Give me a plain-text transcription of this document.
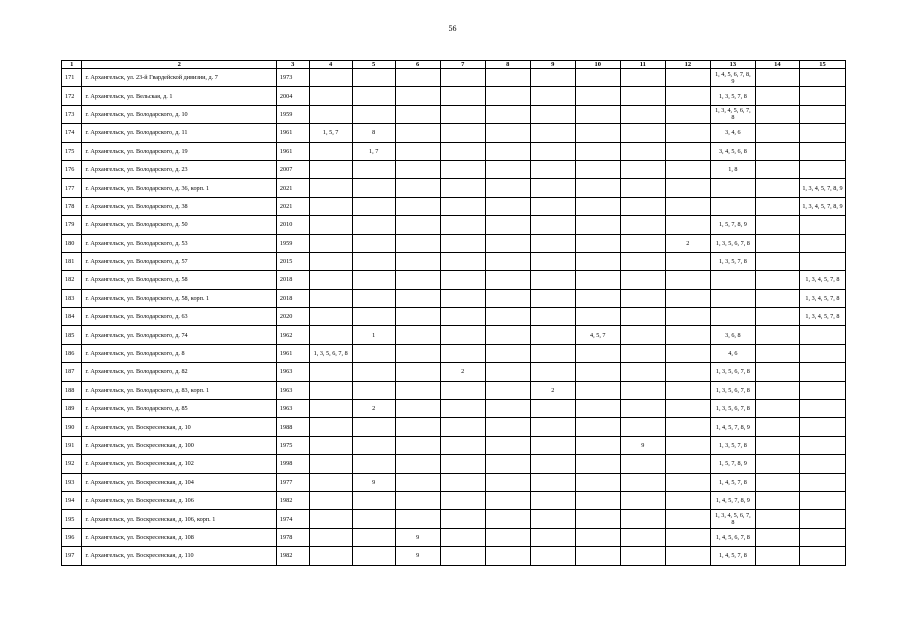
56
1	2	3	4	5	6	7	8	9	10	11	12	13	14	15
171	г. Архангельск, ул. 23-й Гвардейской дивизии, д. 7	1973										1, 4, 5, 6, 7, 8, 9		
172	г. Архангельск, ул. Вельская, д. 1	2004										1, 3, 5, 7, 8		
173	г. Архангельск, ул. Володарского, д. 10	1959										1, 3, 4, 5, 6, 7, 8		
174	г. Архангельск, ул. Володарского, д. 11	1961	1, 5, 7	8								3, 4, 6		
175	г. Архангельск, ул. Володарского, д. 19	1961		1, 7								3, 4, 5, 6, 8		
176	г. Архангельск, ул. Володарского, д. 23	2007										1, 8		
177	г. Архангельск, ул. Володарского, д. 36, корп. 1	2021												1, 3, 4, 5, 7, 8, 9
178	г. Архангельск, ул. Володарского, д. 38	2021												1, 3, 4, 5, 7, 8, 9
179	г. Архангельск, ул. Володарского, д. 50	2010										1, 5, 7, 8, 9		
180	г. Архангельск, ул. Володарского, д. 53	1959									2	1, 3, 5, 6, 7, 8		
181	г. Архангельск, ул. Володарского, д. 57	2015										1, 3, 5, 7, 8		
182	г. Архангельск, ул. Володарского, д. 58	2018												1, 3, 4, 5, 7, 8
183	г. Архангельск, ул. Володарского, д. 58, корп. 1	2018												1, 3, 4, 5, 7, 8
184	г. Архангельск, ул. Володарского, д. 63	2020												1, 3, 4, 5, 7, 8
185	г. Архангельск, ул. Володарского, д. 74	1962		1					4, 5, 7			3, 6, 8		
186	г. Архангельск, ул. Володарского, д. 8	1961	1, 3, 5, 6, 7, 8									4, 6		
187	г. Архангельск, ул. Володарского, д. 82	1963				2						1, 3, 5, 6, 7, 8		
188	г. Архангельск, ул. Володарского, д. 83, корп. 1	1963						2				1, 3, 5, 6, 7, 8		
189	г. Архангельск, ул. Володарского, д. 85	1963		2								1, 3, 5, 6, 7, 8		
190	г. Архангельск, ул. Воскресенская, д. 10	1988										1, 4, 5, 7, 8, 9		
191	г. Архангельск, ул. Воскресенская, д. 100	1975								9		1, 3, 5, 7, 8		
192	г. Архангельск, ул. Воскресенская, д. 102	1998										1, 5, 7, 8, 9		
193	г. Архангельск, ул. Воскресенская, д. 104	1977		9								1, 4, 5, 7, 8		
194	г. Архангельск, ул. Воскресенская, д. 106	1982										1, 4, 5, 7, 8, 9		
195	г. Архангельск, ул. Воскресенская, д. 106, корп. 1	1974										1, 3, 4, 5, 6, 7, 8		
196	г. Архангельск, ул. Воскресенская, д. 108	1978			9							1, 4, 5, 6, 7, 8		
197	г. Архангельск, ул. Воскресенская, д. 110	1982			9							1, 4, 5, 7, 8		
